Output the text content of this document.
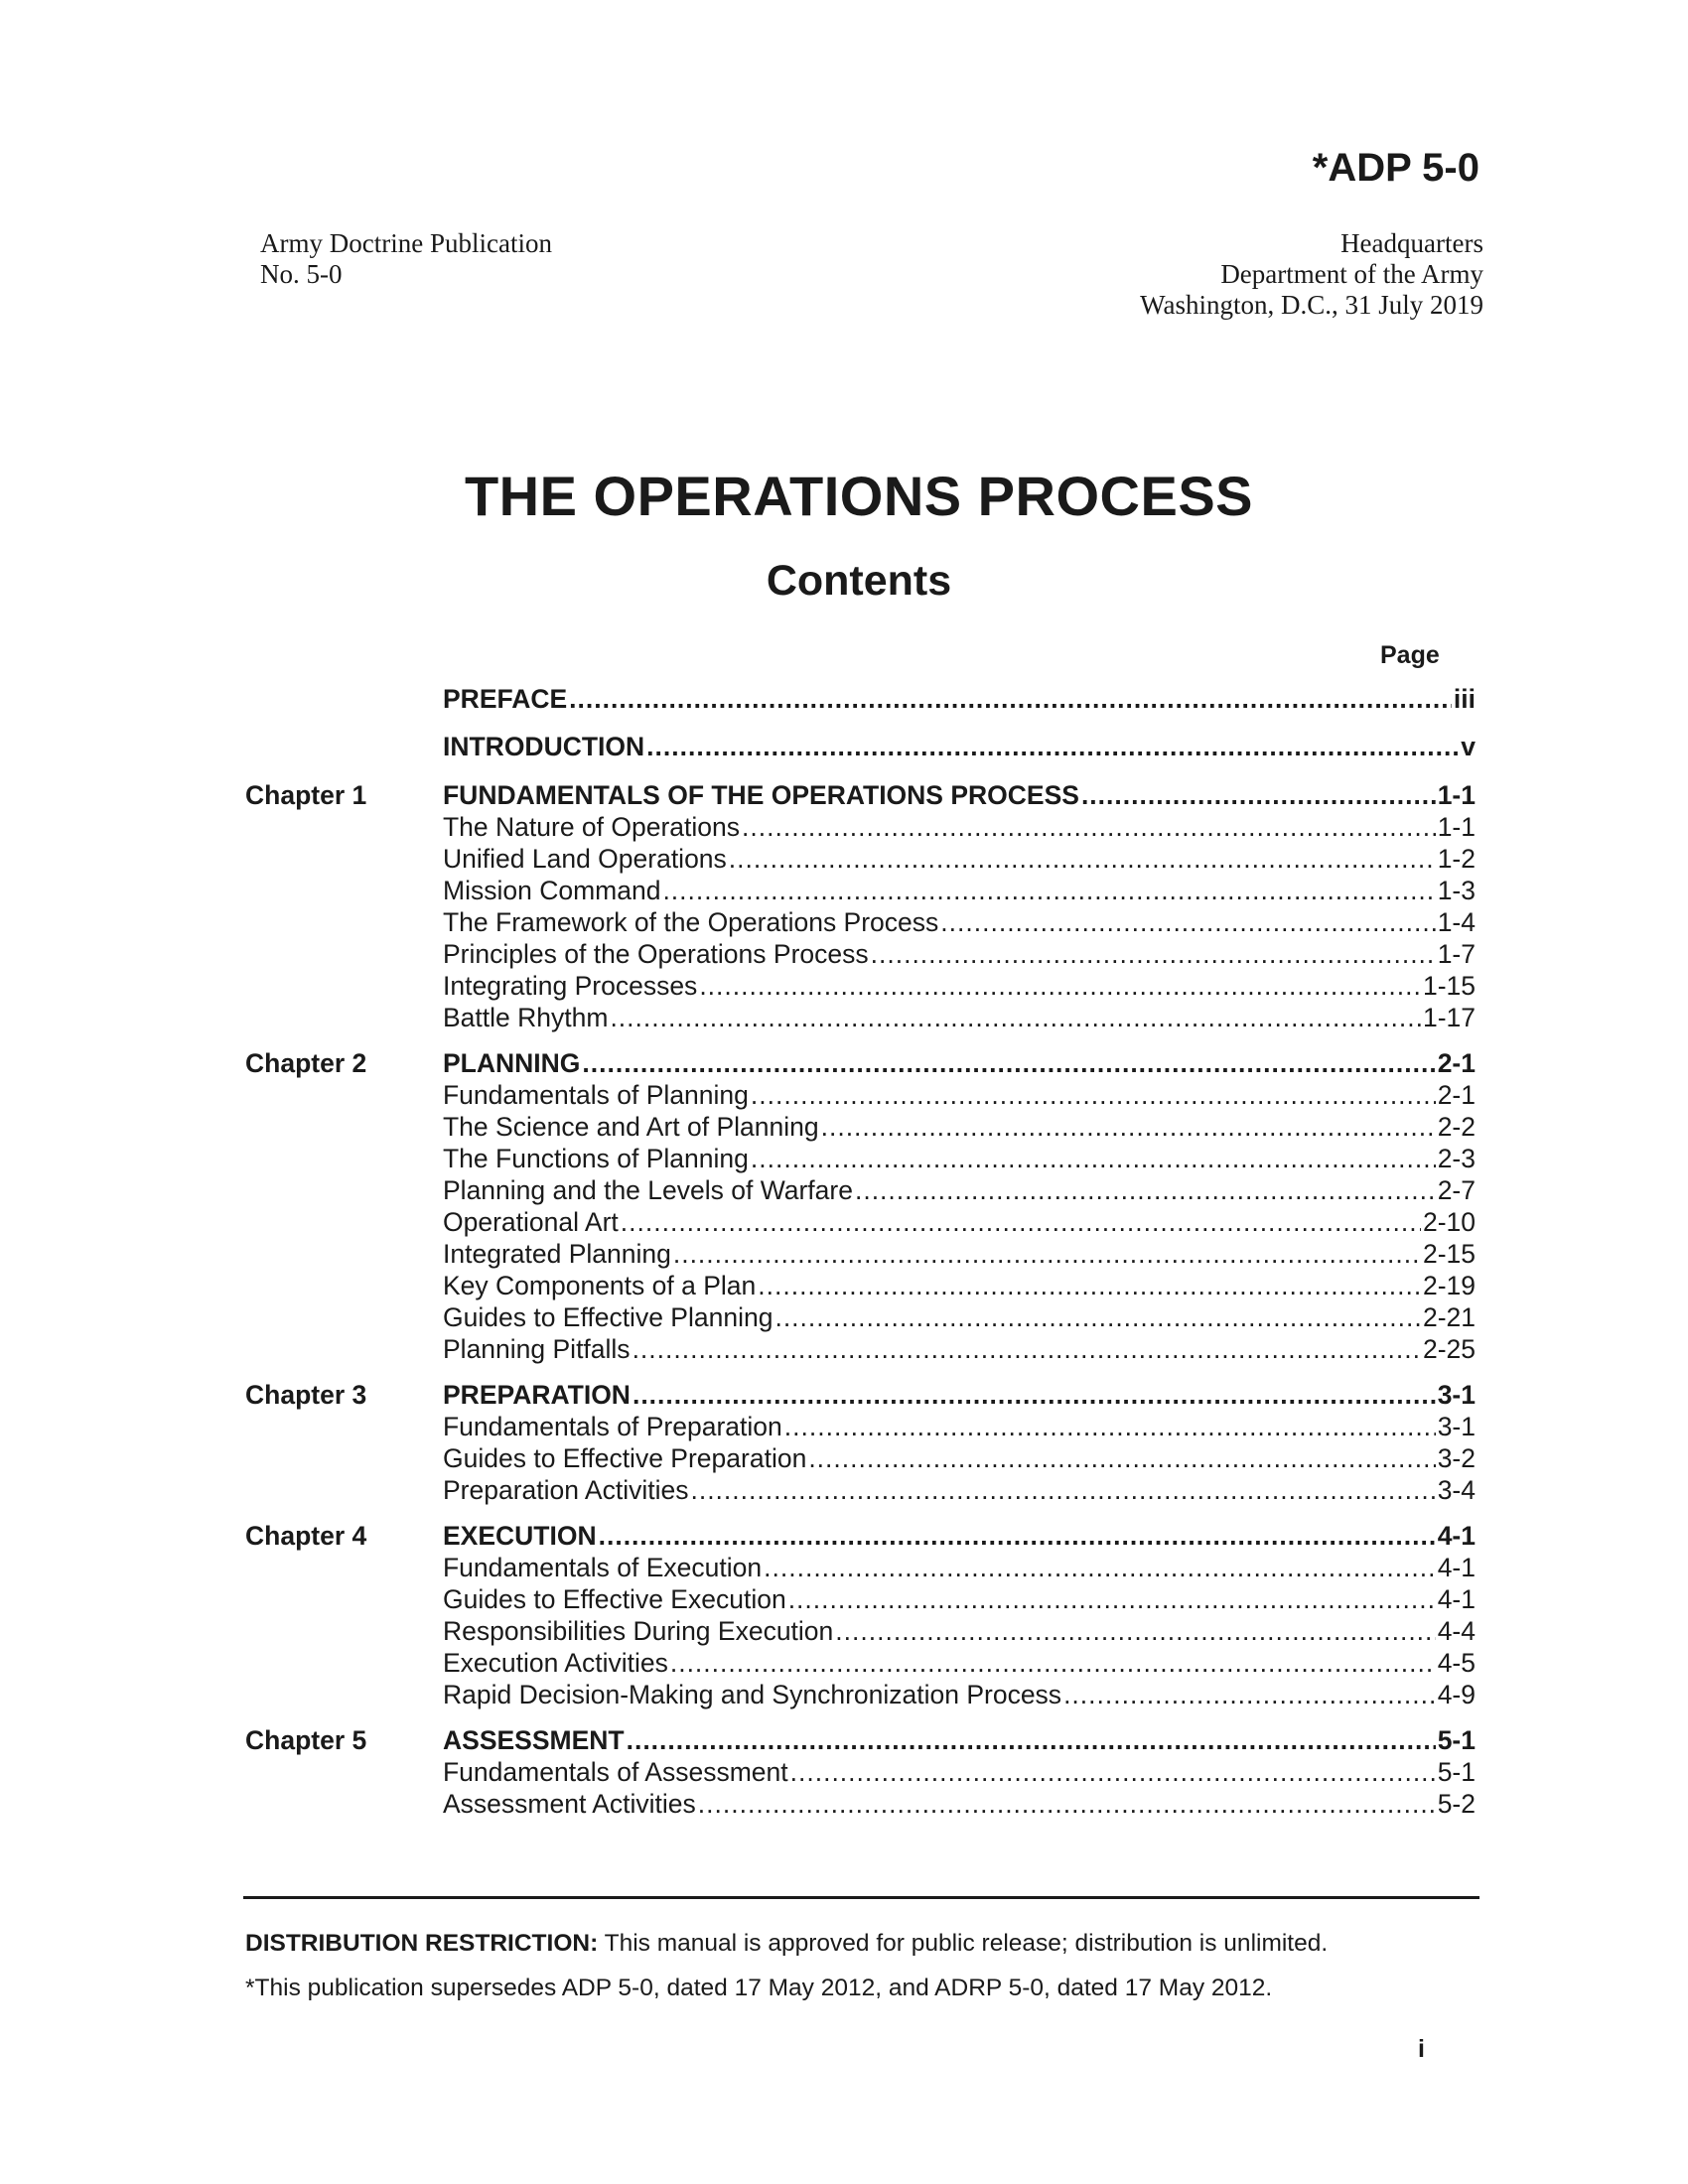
*ADP 5-0
Army Doctrine Publication
No. 5-0
Headquarters
Department of the Army
Washington, D.C., 31 July 2019
THE OPERATIONS PROCESS
Contents
Page
PREFACE .....	iii
INTRODUCTION .....	v
Chapter 1	FUNDAMENTALS OF THE OPERATIONS PROCESS .....	1-1
The Nature of Operations .....	1-1
Unified Land Operations .....	1-2
Mission Command .....	1-3
The Framework of the Operations Process .....	1-4
Principles of the Operations Process .....	1-7
Integrating Processes .....	1-15
Battle Rhythm .....	1-17
Chapter 2	PLANNING .....	2-1
Fundamentals of Planning .....	2-1
The Science and Art of Planning .....	2-2
The Functions of Planning .....	2-3
Planning and the Levels of Warfare .....	2-7
Operational Art .....	2-10
Integrated Planning .....	2-15
Key Components of a Plan .....	2-19
Guides to Effective Planning .....	2-21
Planning Pitfalls .....	2-25
Chapter 3	PREPARATION .....	3-1
Fundamentals of Preparation .....	3-1
Guides to Effective Preparation .....	3-2
Preparation Activities .....	3-4
Chapter 4	EXECUTION .....	4-1
Fundamentals of Execution .....	4-1
Guides to Effective Execution .....	4-1
Responsibilities During Execution .....	4-4
Execution Activities .....	4-5
Rapid Decision-Making and Synchronization Process .....	4-9
Chapter 5	ASSESSMENT .....	5-1
Fundamentals of Assessment .....	5-1
Assessment Activities .....	5-2
DISTRIBUTION RESTRICTION: This manual is approved for public release; distribution is unlimited.
*This publication supersedes ADP 5-0, dated 17 May 2012, and ADRP 5-0, dated 17 May 2012.
i
